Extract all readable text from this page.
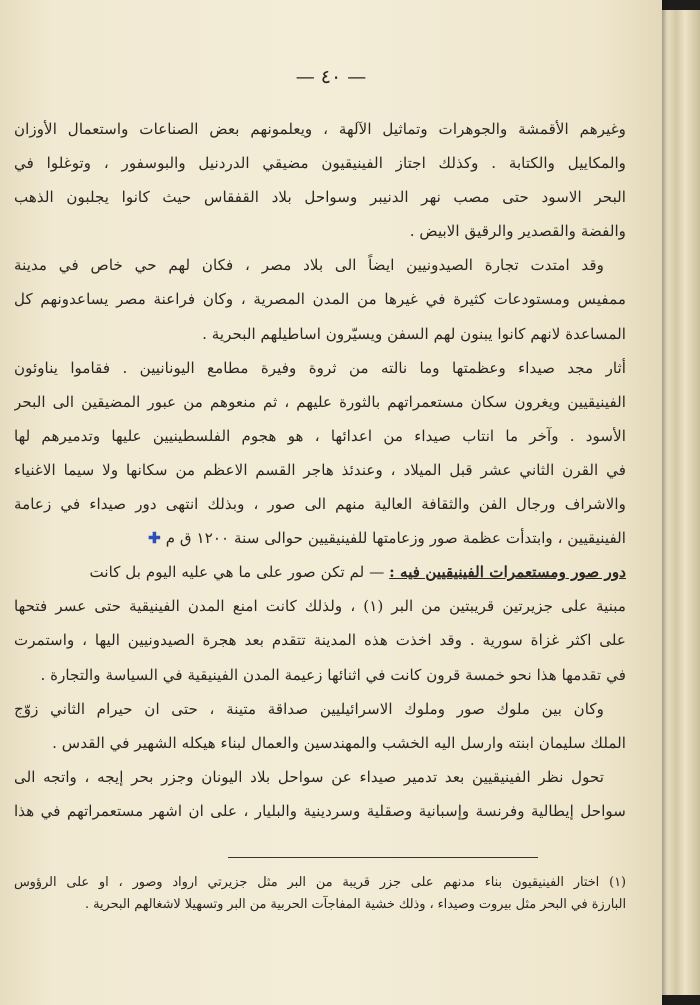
— ٤٠ —
وغيرهم الأقمشة والجوهرات وتماثيل الآلهة ، ويعلمونهم بعض الصناعات واستعمال الأوزان
والمكاييل والكتابة . وكذلك اجتاز الفينيقيون مضيقي الدردنيل والبوسفور ، وتوغلوا في
البحر الاسود حتى مصب نهر الدنيبر وسواحل بلاد القفقاس حيث كانوا يجلبون الذهب
والفضة والقصدير والرقيق الابيض .
وقد امتدت تجارة الصيدونيين ايضاً الى بلاد مصر ، فكان لهم حي خاص في مدينة
ممفيس ومستودعات كثيرة في غيرها من المدن المصرية ، وكان فراعنة مصر يساعدونهم كل
المساعدة لانهم كانوا يبنون لهم السفن ويسيّرون اساطيلهم البحرية .
أثار مجد صيداء وعظمتها وما نالته من ثروة وفيرة مطامع اليونانيين . فقاموا يناوئون
الفينيقيين ويغرون سكان مستعمراتهم بالثورة عليهم ، ثم منعوهم من عبور المضيقين الى البحر
الأسود . وآخر ما انتاب صيداء من اعدائها ، هو هجوم الفلسطينيين عليها وتدميرهم لها
في القرن الثاني عشر قبل الميلاد ، وعندئذ هاجر القسم الاعظم من سكانها ولا سيما الاغنياء
والاشراف ورجال الفن والثقافة العالية منهم الى صور ، وبذلك انتهى دور صيداء في زعامة
الفينيقيين ، وابتدأت عظمة صور وزعامتها للفينيقيين حوالى سنة ١٢٠٠ ق م ✚
دور صور ومستعمرات الفينيقيين فيه : — لم تكن صور على ما هي عليه اليوم بل كانت
مبنية على جزيرتين قريبتين من البر (١) ، ولذلك كانت امنع المدن الفينيقية حتى عسر فتحها
على اكثر غزاة سورية . وقد اخذت هذه المدينة تتقدم بعد هجرة الصيدونيين اليها ، واستمرت
في تقدمها هذا نحو خمسة قرون كانت في اثنائها زعيمة المدن الفينيقية في السياسة والتجارة .
وكان بين ملوك صور وملوك الاسرائيليين صداقة متينة ، حتى ان حيرام الثاني زوّج
الملك سليمان ابنته وارسل اليه الخشب والمهندسين والعمال لبناء هيكله الشهير في القدس .
تحول نظر الفينيقيين بعد تدمير صيداء عن سواحل بلاد اليونان وجزر بحر إيجه ، واتجه الى
سواحل إيطالية وفرنسة وإسبانية وصقلية وسردينية والبليار ، على ان اشهر مستعمراتهم في هذا
(١) اختار الفينيقيون بناء مدنهم على جزر قريبة من البر مثل جزيرتي ارواد وصور ، او على الرؤوس
البارزة في البحر مثل بيروت وصيداء ، وذلك خشية المفاجآت الحربية من البر وتسهيلا لاشغالهم البحرية .
